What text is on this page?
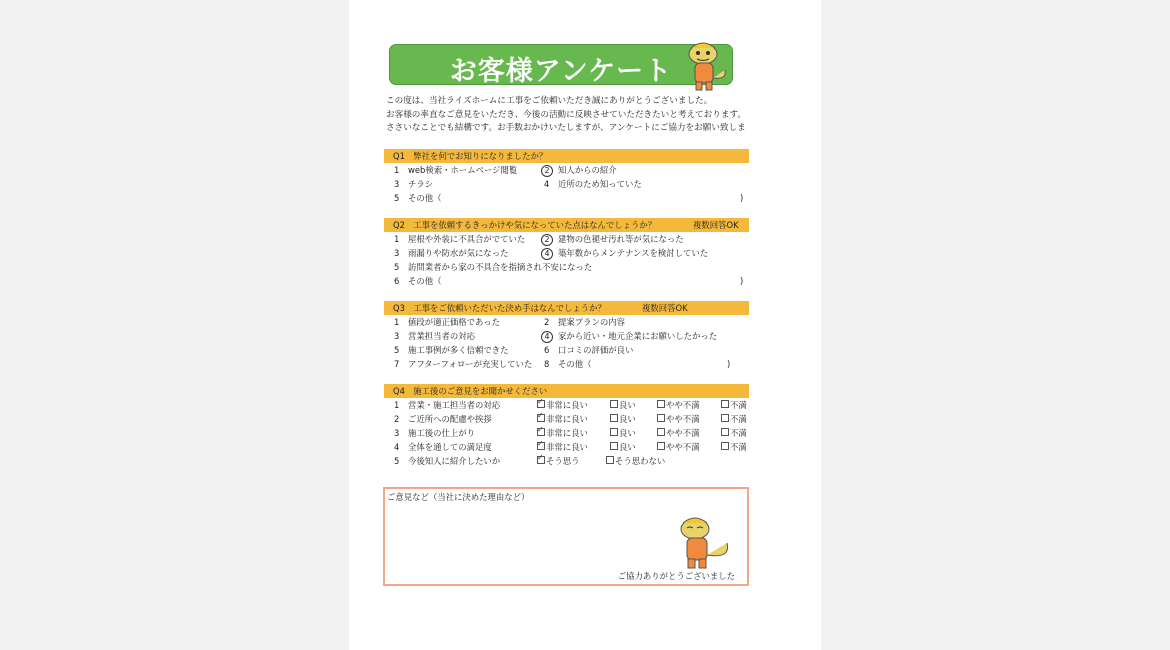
お客様アンケート
この度は、当社ライズホームに工事をご依頼いただき誠にありがとうございました。
お客様の率直なご意見をいただき、今後の活動に反映させていただきたいと考えております。
ささいなことでも結構です。お手数おかけいたしますが、アンケートにご協力をお願い致しま
Q1　弊社を何でお知りになりましたか？
1 web検索・ホームページ閲覧	2 知人からの紹介
3 チラシ	4 近所のため知っていた
5 その他（	)
Q2　工事を依頼するきっかけや気になっていた点はなんでしょうか？	複数回答OK
1 屋根や外装に不具合がでていた 2 建物の色褪せ汚れ等が気になった
3 雨漏りや防水が気になった	4 築年数からメンテナンスを検討していた
5 訪問業者から家の不具合を指摘され不安になった
6 その他（	)
Q3　工事をご依頼いただいた決め手はなんでしょうか？	複数回答OK
1 値段が適正価格であった	2 提案プランの内容
3 営業担当者の対応	4 家から近い・地元企業にお願いしたかった
5 施工事例が多く信頼できた	6 口コミの評価が良い
7 アフターフォローが充実していた 8 その他（	)
Q4　施工後のご意見をお聞かせください
1 営業・施工担当者の対応 ✓	非常に良い	良い	やや不満	不満
2 ご近所への配慮や挨拶 ✓	非常に良い	良い	やや不満	不満
3 施工後の仕上がり ✓	非常に良い	良い	やや不満	不満
4 全体を通しての満足度 ✓	非常に良い	良い	やや不満	不満
5 今後知人に紹介したいか ✓	そう思う	そう思わない
ご意見など（当社に決めた理由など）
ご協力ありがとうございました
